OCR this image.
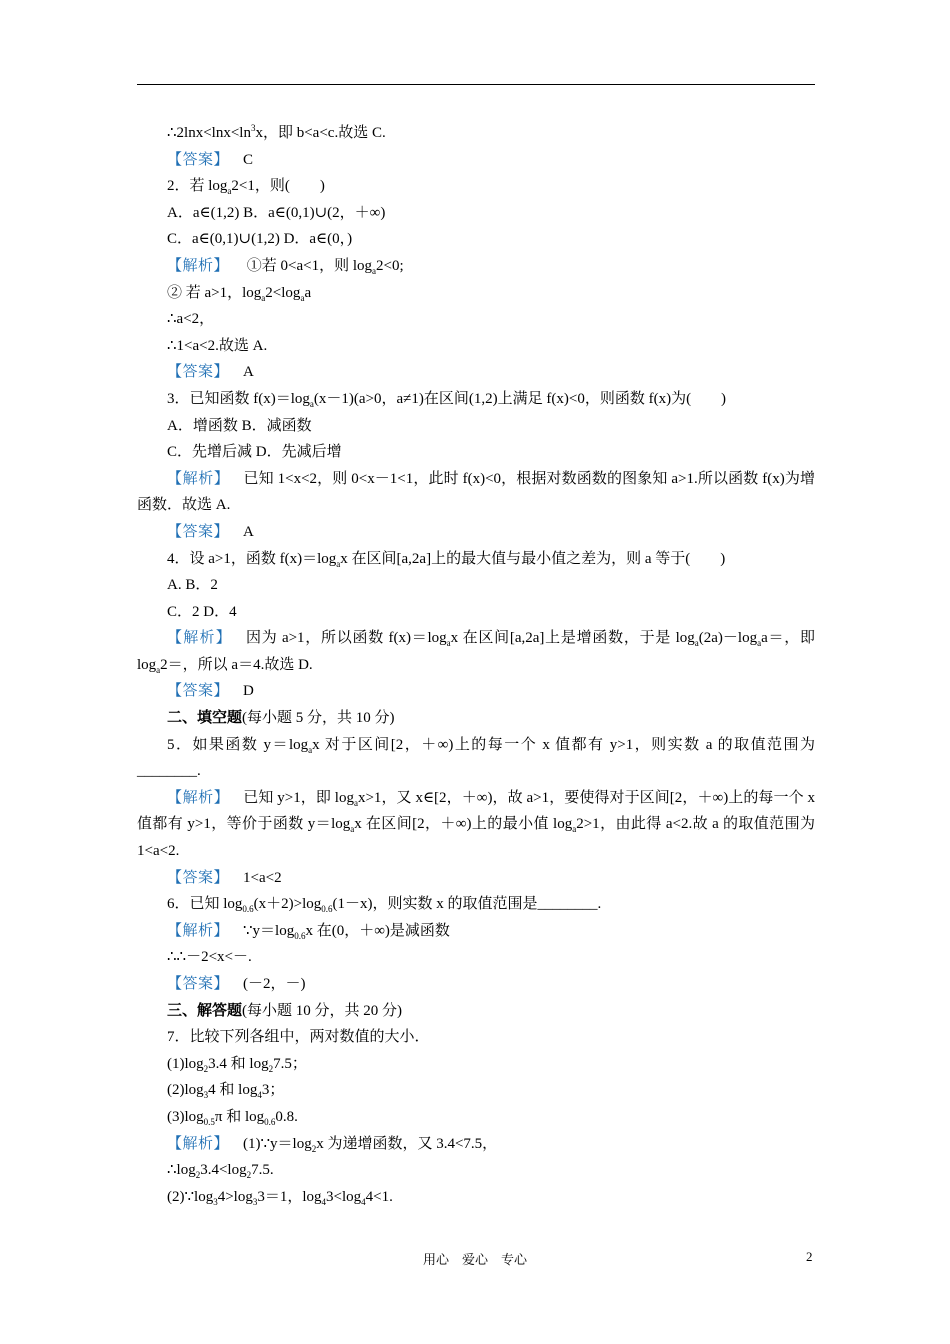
$\therefore 2\ln x<\ln x<\ln^3x$，即 b<a<c.故选 C.
【答案】 C
2．若 $\log_a2<1$，则(　　)
A．a∈(1,2) B．a∈(0,1)∪(2，＋∞)
C．a∈(0,1)∪(1,2) D．a∈(0，)
【解析】 ①若 0<a<1，则 $\log_a2<0$;
② 若 a>1，$\log_a2<\log_aa$
∴a<2，
∴1<a<2.故选 A.
【答案】 A
3．已知函数 $f(x)=\log_a(x-1)(a>0$，a≠1)在区间(1,2)上满足 f(x)<0，则函数 f(x)为(　　)
A．增函数 B．减函数
C．先增后减 D．先减后增
【解析】 已知 1<x<2，则 0<x－1<1，此时 f(x)<0，根据对数函数的图象知 a>1.所以函数 f(x)为增函数．故选 A.
【答案】 A
4．设 a>1，函数 $f(x)=\log_ax$ 在区间[a,2a]上的最大值与最小值之差为，则 a 等于(　　)
A. B．2
C．2 D．4
【解析】 因为 a>1，所以函数 $f(x)=\log_ax$ 在区间[a,2a]上是增函数，于是 $\log_a(2a)-\log_aa=$，即 $\log_a2=$，所以 a＝4.故选 D.
【答案】 D
二、填空题(每小题 5 分，共 10 分)
5．如果函数 $y=\log_ax$ 对于区间[2，＋∞)上的每一个 x 值都有 y>1，则实数 a 的取值范围为________.
【解析】 已知 y>1，即 $\log_ax>1$，又 x∈[2，＋∞)，故 a>1，要使得对于区间[2，＋∞)上的每一个 x 值都有 y>1，等价于函数 $y=\log_ax$ 在区间[2，＋∞)上的最小值 $\log_a2>1$，由此得 a<2.故 a 的取值范围为 1<a<2.
【答案】 1<a<2
6．已知 $\log_{0.6}(x+2)>\log_{0.6}(1-x)$，则实数 x 的取值范围是________.
【解析】 $\because y=\log_{0.6}x$ 在(0，＋∞)是减函数
∴∴－2<x<－.
【答案】 (－2，－)
三、解答题(每小题 10 分，共 20 分)
7．比较下列各组中，两对数值的大小．
$(1)\log_23.4$ 和 $\log_27.5$；
$(2)\log_34$ 和 $\log_43$；
$(3)\log_{0.5}\pi$ 和 $\log_{0.6}0.8$.
【解析】 $(1)\because y=\log_2x$ 为递增函数，又 3.4<7.5，
$\therefore\log_23.4<\log_27.5$.
$(2)\because\log_34>\log_33=1$，$\log_43<\log_44<1$.
用心　爱心　专心	2
